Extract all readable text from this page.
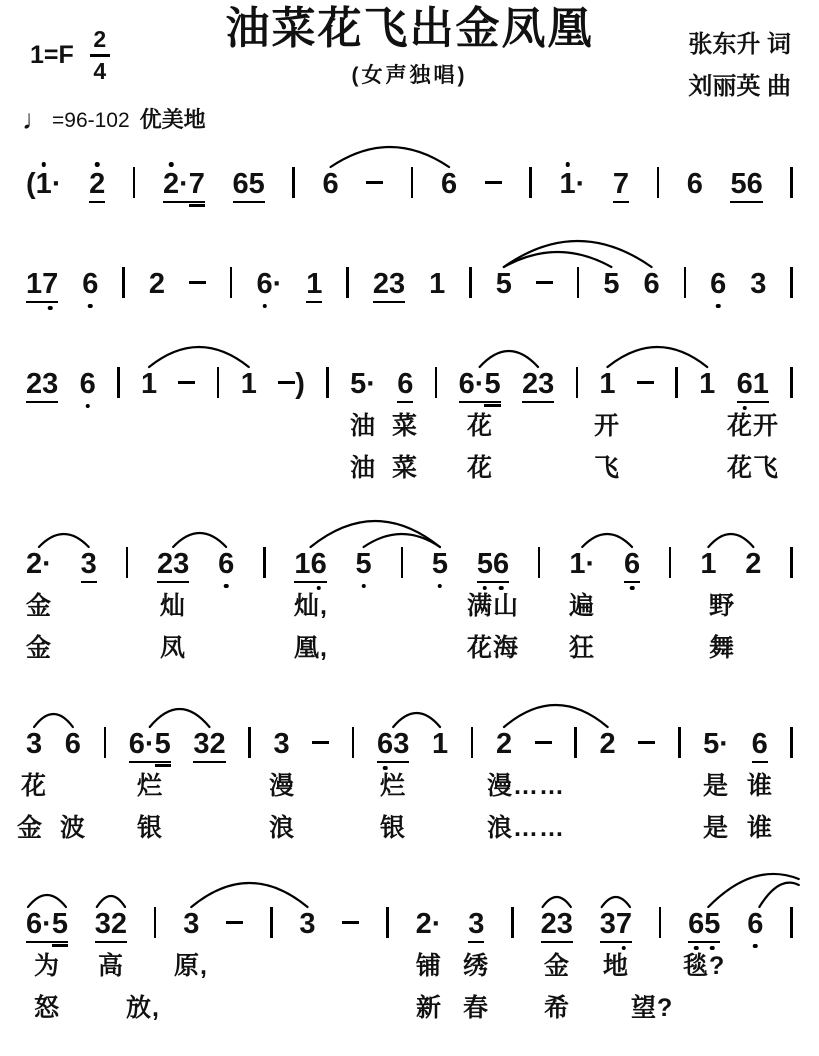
$1=F \frac{2}{4}$	油菜花飞出金凤凰	张东升 词
刘丽英 曲
(女声独唱)
♩ =96-102 优美地
(1· 2 2·7 65 6	6	1· 7 6 56
17 6 2	6· 1 23 1 5	5 6 6 3
23 6 1	1	) 5· 6 6·5 23 1	1 61
油 菜 花	开	花开
油 菜 花	飞	花飞
2· 3 23 6 16 5 5 56 1· 6 1 2
金	灿	灿,	满山 遍	野
金	凤	凰,	花海 狂	舞
3 6 6·5 32 3	63 1 2	2	5· 6
花	烂	漫	烂	漫……	是 谁
金 波 银	浪	银	浪……	是 谁
6·5 32 3	3	2· 3 23 37 65 6
为 高 原,	铺 绣 金 地 毯?
怒	放,	新 春 希 望?
